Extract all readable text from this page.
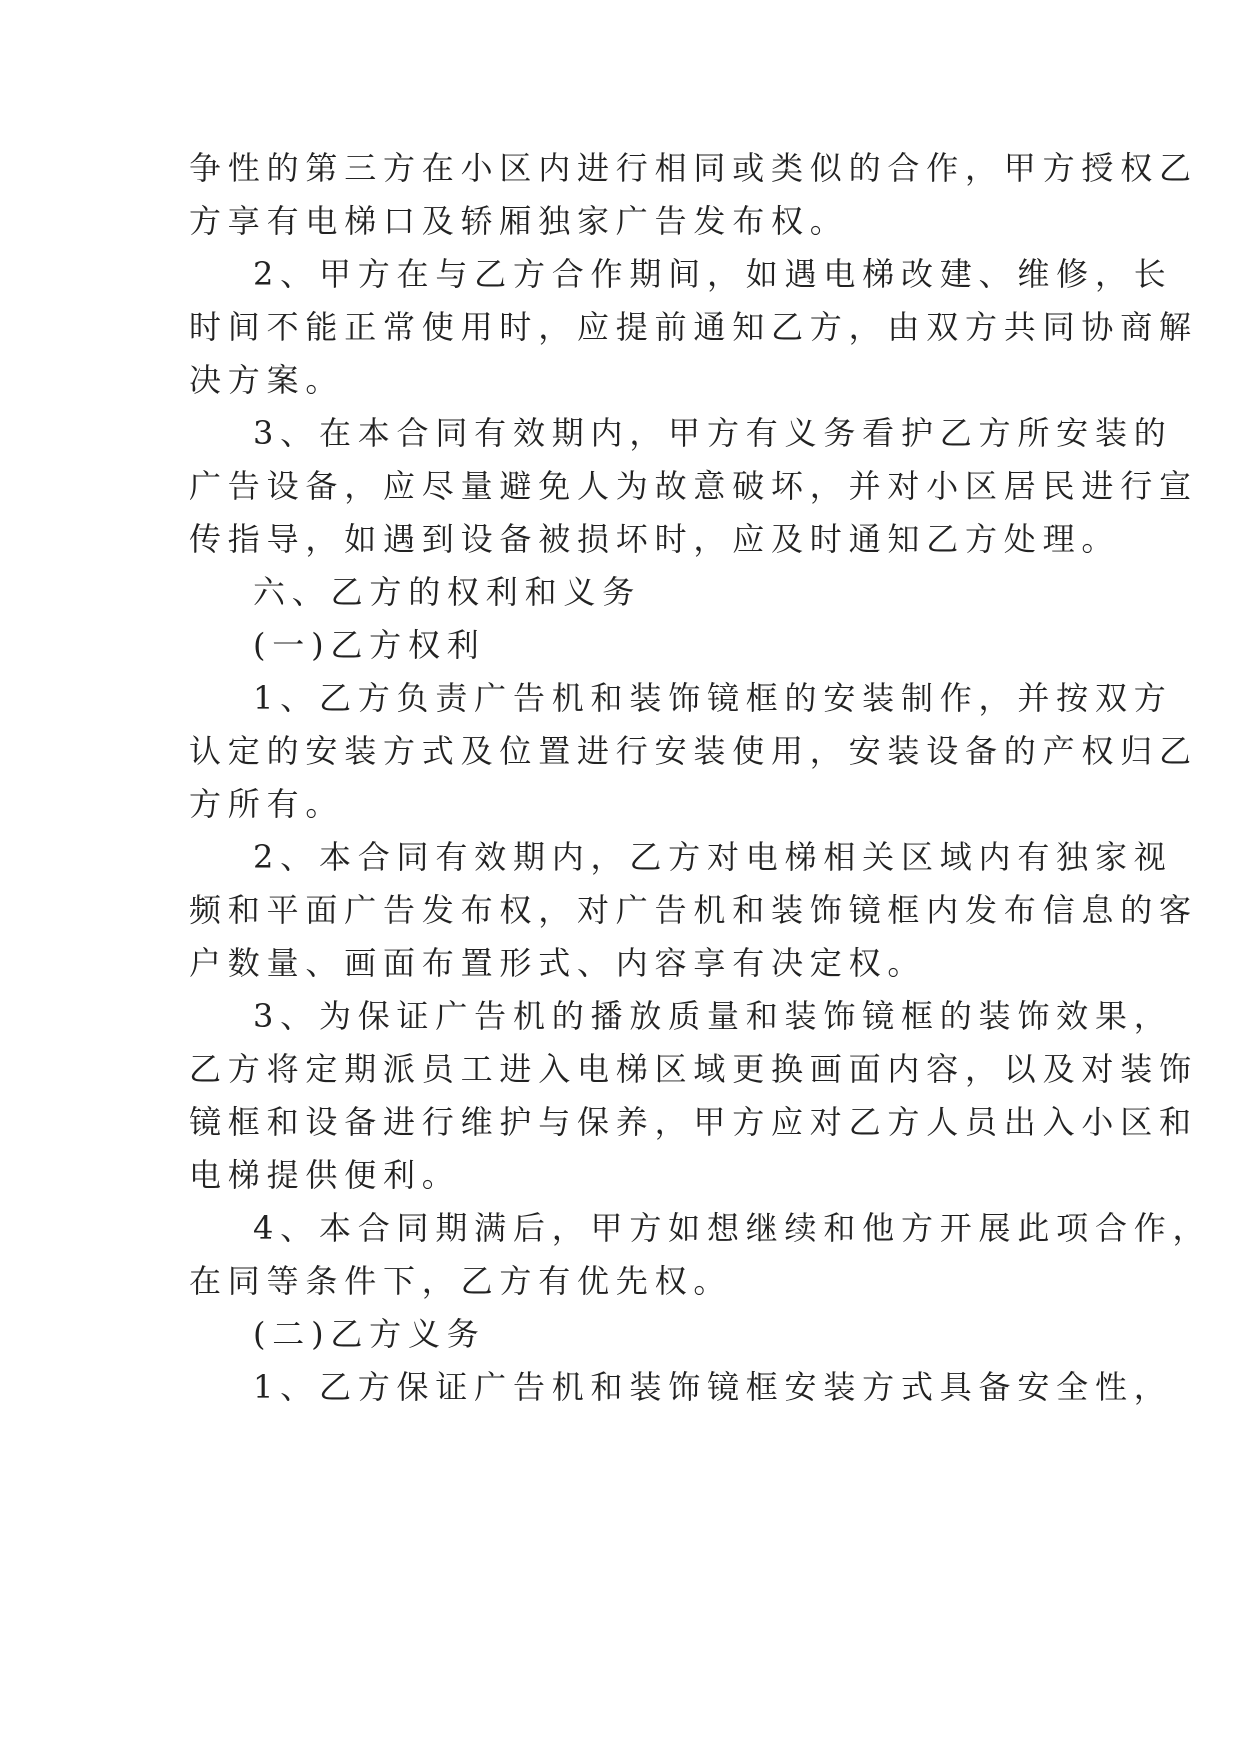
争性的第三方在小区内进行相同或类似的合作，甲方授权乙
方享有电梯口及轿厢独家广告发布权。
2、甲方在与乙方合作期间，如遇电梯改建、维修，长
时间不能正常使用时，应提前通知乙方，由双方共同协商解
决方案。
3、在本合同有效期内，甲方有义务看护乙方所安装的
广告设备，应尽量避免人为故意破坏，并对小区居民进行宣
传指导，如遇到设备被损坏时，应及时通知乙方处理。
六、乙方的权利和义务
(一)乙方权利
1、乙方负责广告机和装饰镜框的安装制作，并按双方
认定的安装方式及位置进行安装使用，安装设备的产权归乙
方所有。
2、本合同有效期内，乙方对电梯相关区域内有独家视
频和平面广告发布权，对广告机和装饰镜框内发布信息的客
户数量、画面布置形式、内容享有决定权。
3、为保证广告机的播放质量和装饰镜框的装饰效果，
乙方将定期派员工进入电梯区域更换画面内容，以及对装饰
镜框和设备进行维护与保养，甲方应对乙方人员出入小区和
电梯提供便利。
4、本合同期满后，甲方如想继续和他方开展此项合作，
在同等条件下，乙方有优先权。
(二)乙方义务
1、乙方保证广告机和装饰镜框安装方式具备安全性，
